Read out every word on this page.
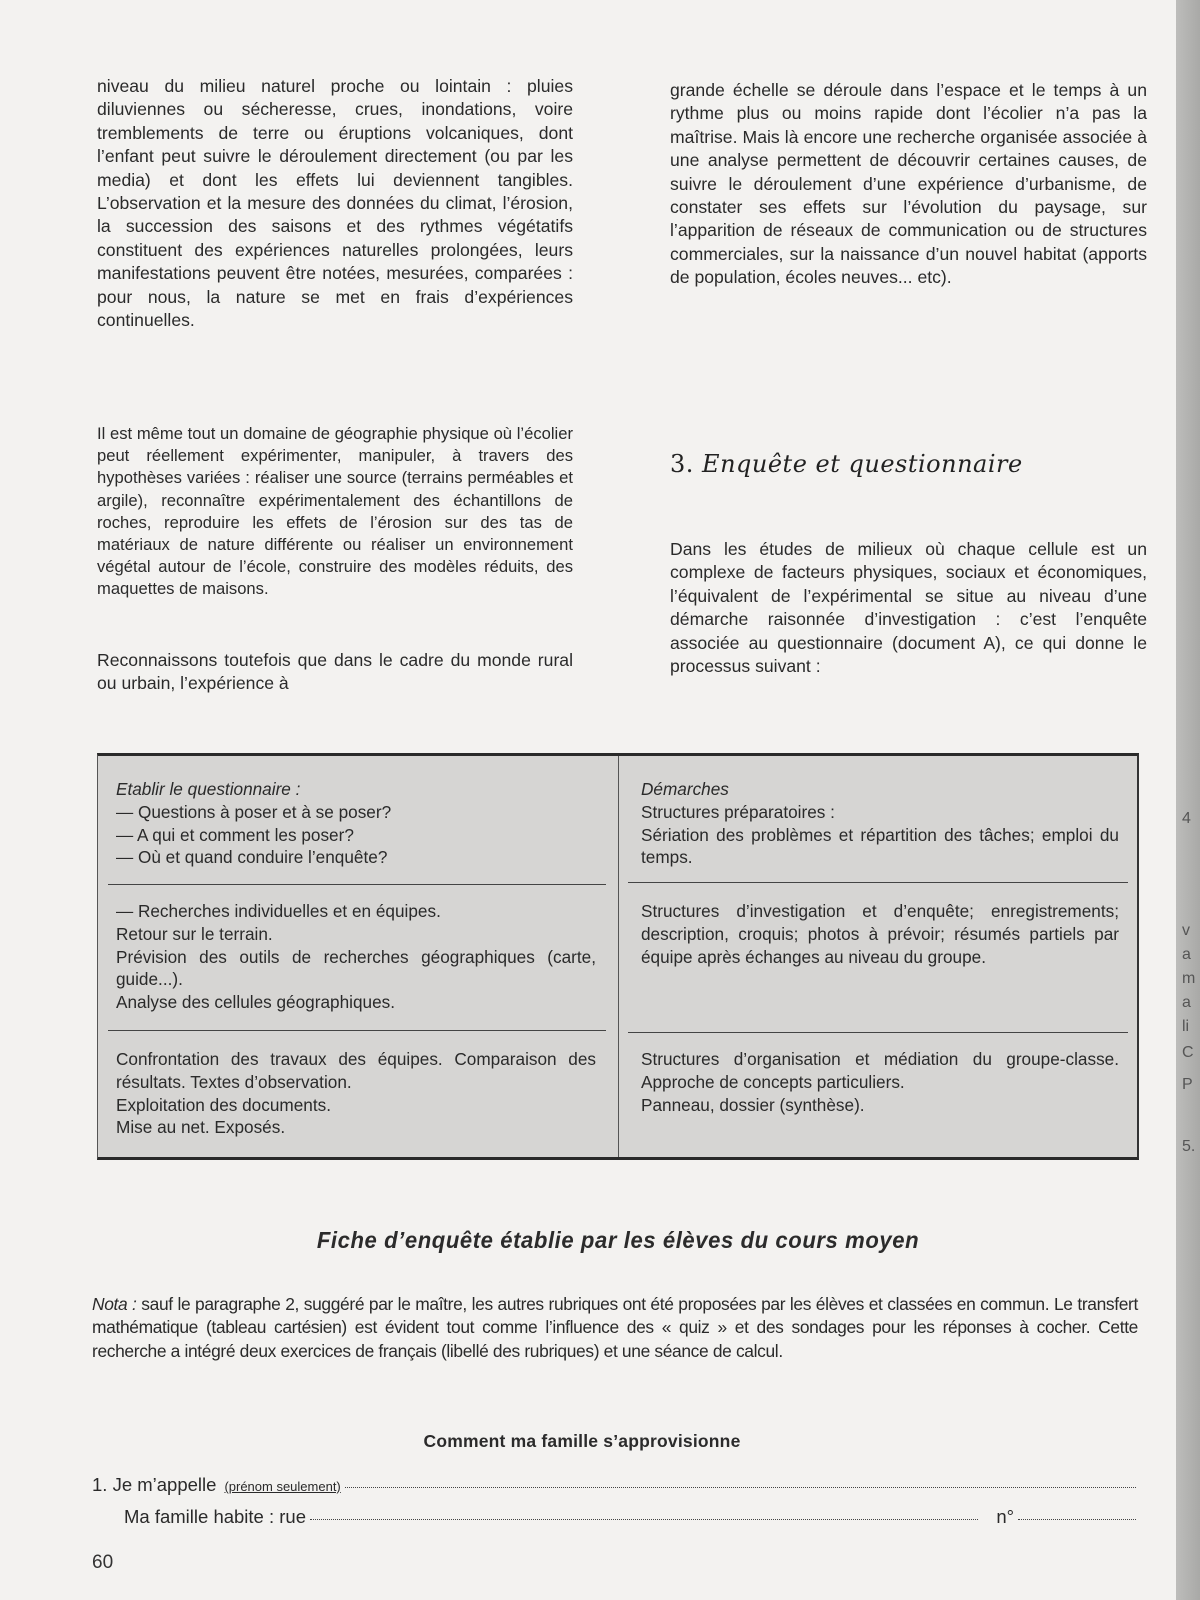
4
v
a
m
a
li
C
P
5.

niveau du milieu naturel proche ou lointain : pluies diluviennes ou sécheresse, crues, inondations, voire tremblements de terre ou éruptions volcaniques, dont l’enfant peut suivre le déroulement directement (ou par les media) et dont les effets lui deviennent tangibles. L’observation et la mesure des données du climat, l’érosion, la succession des saisons et des rythmes végétatifs constituent des expériences naturelles prolongées, leurs manifestations peuvent être notées, mesurées, comparées : pour nous, la nature se met en frais d’expériences continuelles.

Il est même tout un domaine de géographie physique où l’écolier peut réellement expérimenter, manipuler, à travers des hypothèses variées : réaliser une source (terrains perméables et argile), reconnaître expérimentalement des échantillons de roches, reproduire les effets de l’érosion sur des tas de matériaux de nature différente ou réaliser un environnement végétal autour de l’école, construire des modèles réduits, des maquettes de maisons.

Reconnaissons toutefois que dans le cadre du monde rural ou urbain, l’expérience à

grande échelle se déroule dans l’espace et le temps à un rythme plus ou moins rapide dont l’écolier n’a pas la maîtrise. Mais là encore une recherche organisée associée à une analyse permettent de découvrir certaines causes, de suivre le déroulement d’une expérience d’urbanisme, de constater ses effets sur l’évolution du paysage, sur l’apparition de réseaux de communication ou de structures commerciales, sur la naissance d’un nouvel habitat (apports de population, écoles neuves... etc).

3. Enquête et questionnaire

Dans les études de milieux où chaque cellule est un complexe de facteurs physiques, sociaux et économiques, l’équivalent de l’expérimental se situe au niveau d’une démarche raisonnée d’investigation : c’est l’enquête associée au questionnaire (document A), ce qui donne le processus suivant :

Etablir le questionnaire :

— Questions à poser et à se poser?

— A qui et comment les poser?

— Où et quand conduire l’enquête?

Démarches

Structures préparatoires :

Sériation des problèmes et répartition des tâches; emploi du temps.

— Recherches individuelles et en équipes.

Retour sur le terrain.

Prévision des outils de recherches géographiques (carte, guide...).

Analyse des cellules géographiques.

Structures d’investigation et d’enquête; enregistrements; description, croquis; photos à prévoir; résumés partiels par équipe après échanges au niveau du groupe.

Confrontation des travaux des équipes. Comparaison des résultats. Textes d’observation.

Exploitation des documents.

Mise au net. Exposés.

Structures d’organisation et médiation du groupe-classe. Approche de concepts particuliers.

Panneau, dossier (synthèse).

Fiche d’enquête établie par les élèves du cours moyen
Nota : sauf le paragraphe 2, suggéré par le maître, les autres rubriques ont été proposées par les élèves et classées en commun. Le transfert mathématique (tableau cartésien) est évident tout comme l’influence des « quiz » et des sondages pour les réponses à cocher. Cette recherche a intégré deux exercices de français (libellé des rubriques) et une séance de calcul.
Comment ma famille s’approvisionne
1. Je m’appelle (prénom seulement)
Ma famille habite : rue	n°
60
